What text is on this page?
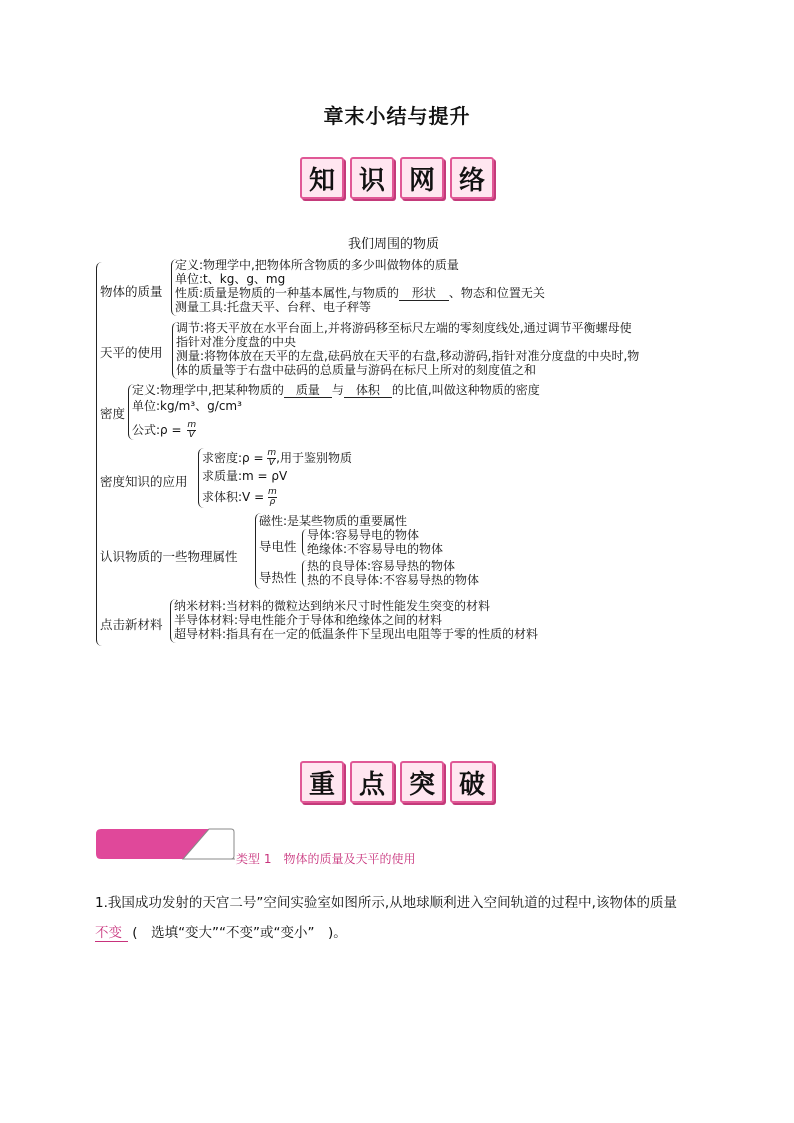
章末小结与提升
知 识 网 络
我们周围的物质
物体的质量
定义:物理学中,把物体所含物质的多少叫做物体的质量
单位:t、kg、g、mg
性质:质量是物质的一种基本属性,与物质的 形状 、物态和位置无关
测量工具:托盘天平、台秤、电子秤等
天平的使用
调节:将天平放在水平台面上,并将游码移至标尺左端的零刻度线处,通过调节平衡螺母使
指针对准分度盘的中央
测量:将物体放在天平的左盘,砝码放在天平的右盘,移动游码,指针对准分度盘的中央时,物
体的质量等于右盘中砝码的总质量与游码在标尺上所对的刻度值之和
密度
定义:物理学中,把某种物质的 质量 与 体积 的比值,叫做这种物质的密度
单位:kg/m³、g/cm³
公式:ρ = $\frac{m}{V}$
密度知识的应用
求密度:ρ = $\frac{m}{V}$ ,用于鉴别物质
求质量:m = ρV
求体积:V = $\frac{m}{\rho}$
认识物质的一些物理属性
磁性:是某些物质的重要属性
导电性
导体:容易导电的物体
绝缘体:不容易导电的物体
导热性
热的良导体:容易导热的物体
热的不良导体:不容易导热的物体
点击新材料
纳米材料:当材料的微粒达到纳米尺寸时性能发生突变的材料
半导体材料:导电性能介于导体和绝缘体之间的材料
超导材料:指具有在一定的低温条件下呈现出电阻等于零的性质的材料
重 点 突 破
类型 1　物体的质量及天平的使用
1.我国成功发射的天宫二号”空间实验室如图所示,从地球顺利进入空间轨道的过程中,该物体的质量
不变 (　选填“变大”“不变”或“变小”　)。
